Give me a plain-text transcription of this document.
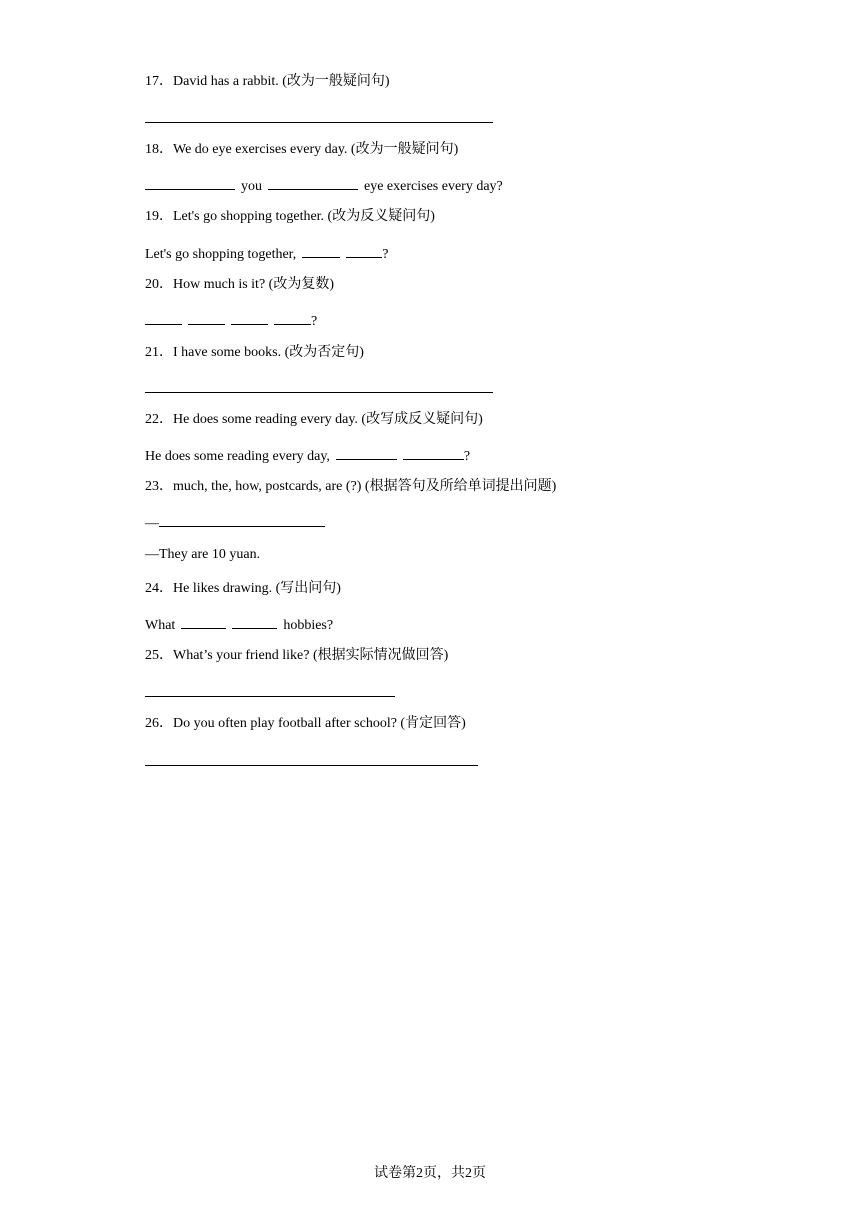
17．David has a rabbit. (改为一般疑问句)
18．We do eye exercises every day. (改为一般疑问句)
you	eye exercises every day?
19．Let's go shopping together. (改为反义疑问句)
Let's go shopping together,	?
20．How much is it? (改为复数)
?
21．I have some books. (改为否定句)
22．He does some reading every day. (改写成反义疑问句)
He does some reading every day,	?
23．much, the, how, postcards, are (?) (根据答句及所给单词提出问题)
—
—They are 10 yuan.
24．He likes drawing. (写出问句)
What	hobbies?
25．What’s your friend like? (根据实际情况做回答)
26．Do you often play football after school? (肯定回答)
试卷第2页，共2页
